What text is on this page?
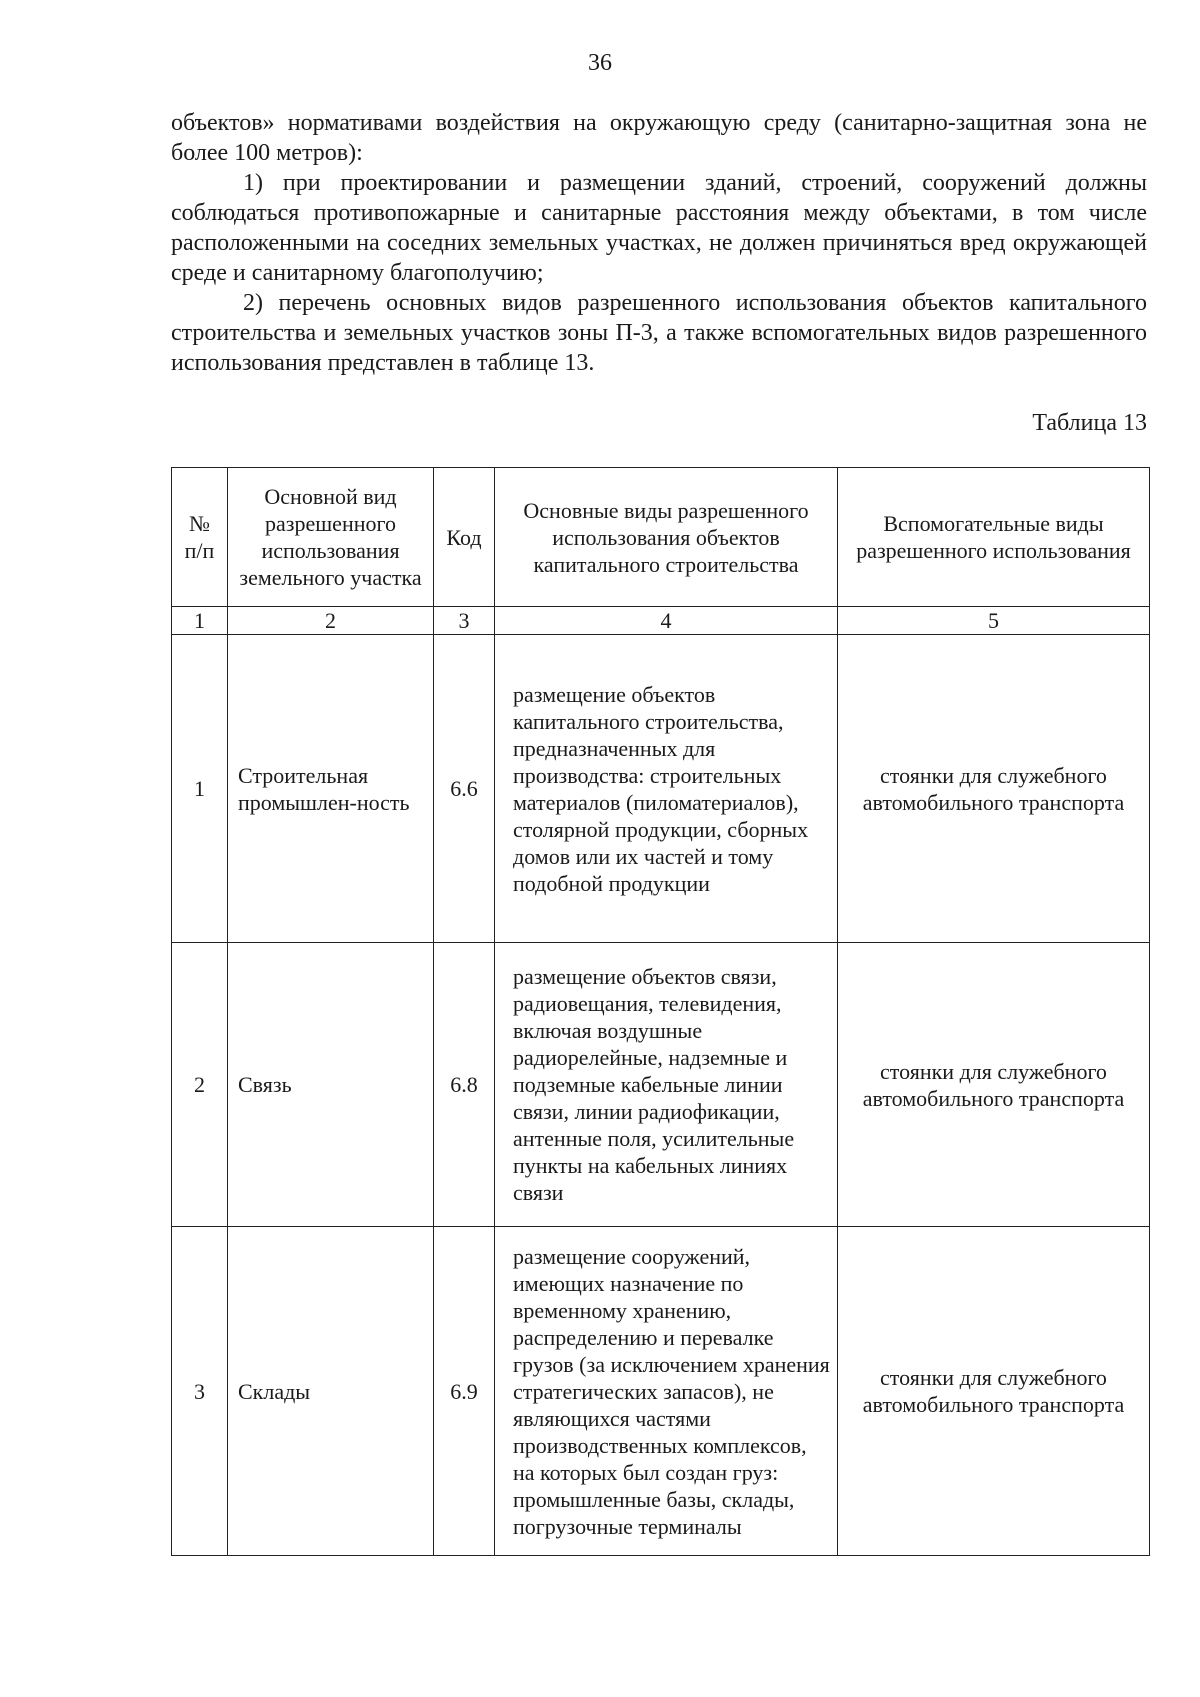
36

объектов» нормативами воздействия на окружающую среду (санитарно-защитная зона не более 100 метров):

1) при проектировании и размещении зданий, строений, сооружений должны соблюдаться противопожарные и санитарные расстояния между объектами, в том числе расположенными на соседних земельных участках, не должен причиняться вред окружающей среде и санитарному благополучию;

2) перечень основных видов разрешенного использования объектов капитального строительства и земельных участков зоны П-3, а также вспомогательных видов разрешенного использования представлен в таблице 13.

Таблица 13
№ п/п	Основной вид разрешенного использования земельного участка	Код	Основные виды разрешенного использования объектов капитального строительства	Вспомогательные виды разрешенного использования
1	2	3	4	5
1	Строительная промышлен-ность	6.6	размещение объектов капитального строительства, предназначенных для производства: строительных материалов (пиломатериалов), столярной продукции, сборных домов или их частей и тому подобной продукции	стоянки для служебного автомобильного транспорта
2	Связь	6.8	размещение объектов связи, радиовещания, телевидения, включая воздушные радиорелейные, надземные и подземные кабельные линии связи, линии радиофикации, антенные поля, усилительные пункты на кабельных линиях связи	стоянки для служебного автомобильного транспорта
3	Склады	6.9	размещение сооружений, имеющих назначение по временному хранению, распределению и перевалке грузов (за исключением хранения стратегических запасов), не являющихся частями производственных комплексов, на которых был создан груз: промышленные базы, склады, погрузочные терминалы	стоянки для служебного автомобильного транспорта
